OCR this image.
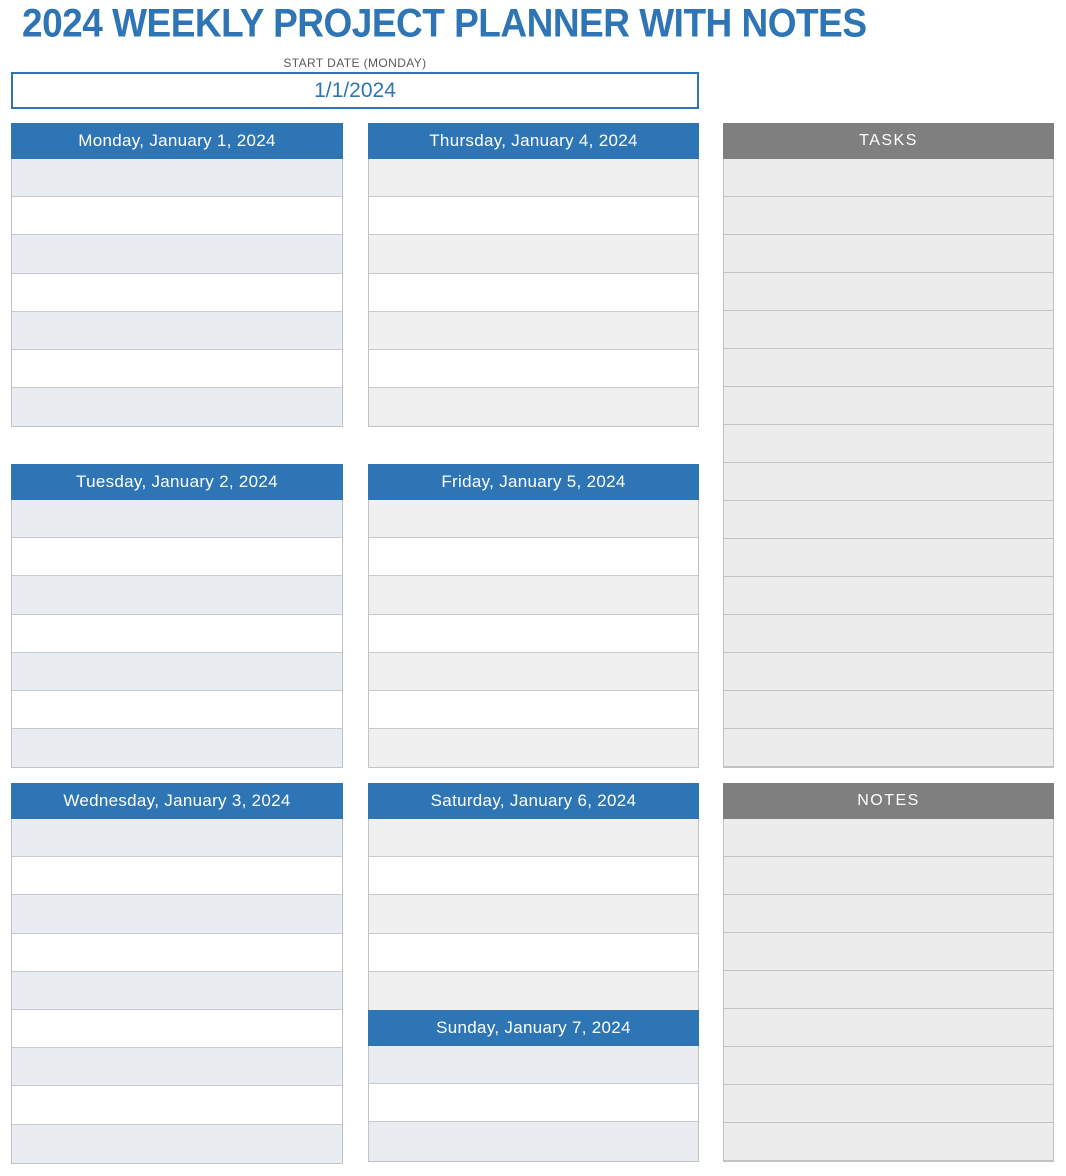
2024 WEEKLY PROJECT PLANNER WITH NOTES
START DATE (MONDAY)
1/1/2024
Monday, January 1, 2024	Thursday, January 4, 2024	TASKS
Tuesday, January 2, 2024	Friday, January 5, 2024
Wednesday, January 3, 2024	Saturday, January 6, 2024
Sunday, January 7, 2024
NOTES
